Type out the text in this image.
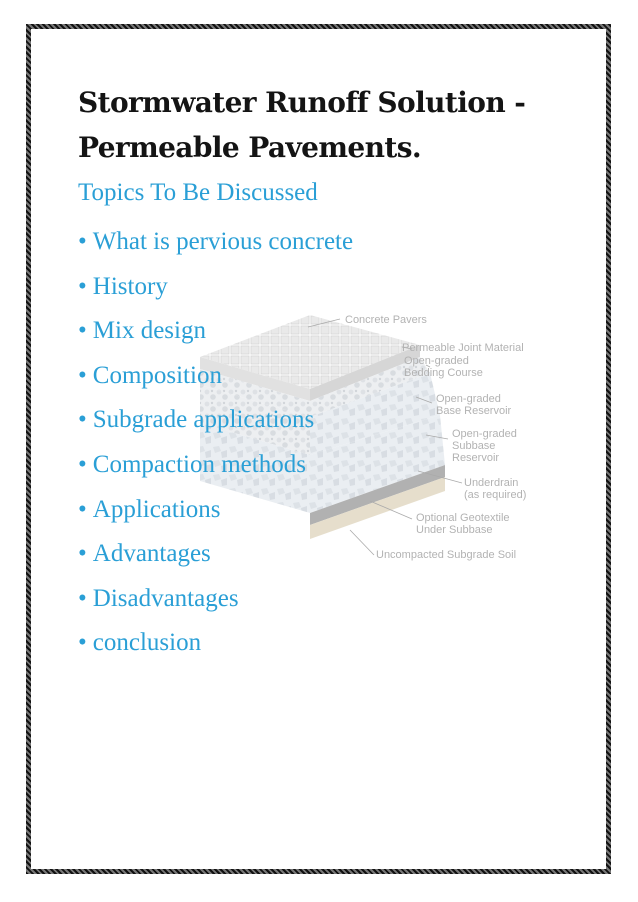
Stormwater Runoff Solution - Permeable Pavements.
Topics To Be Discussed
Concrete Pavers
Permeable Joint Material
Open-graded
Bedding Course
Open-graded
Base Reservoir
Open-graded
Subbase
Reservoir
Underdrain
(as required)
Optional Geotextile
Under Subbase
Uncompacted Subgrade Soil
• What is pervious concrete
• History
• Mix design
• Composition
• Subgrade applications
• Compaction methods
• Applications
• Advantages
• Disadvantages
• conclusion
